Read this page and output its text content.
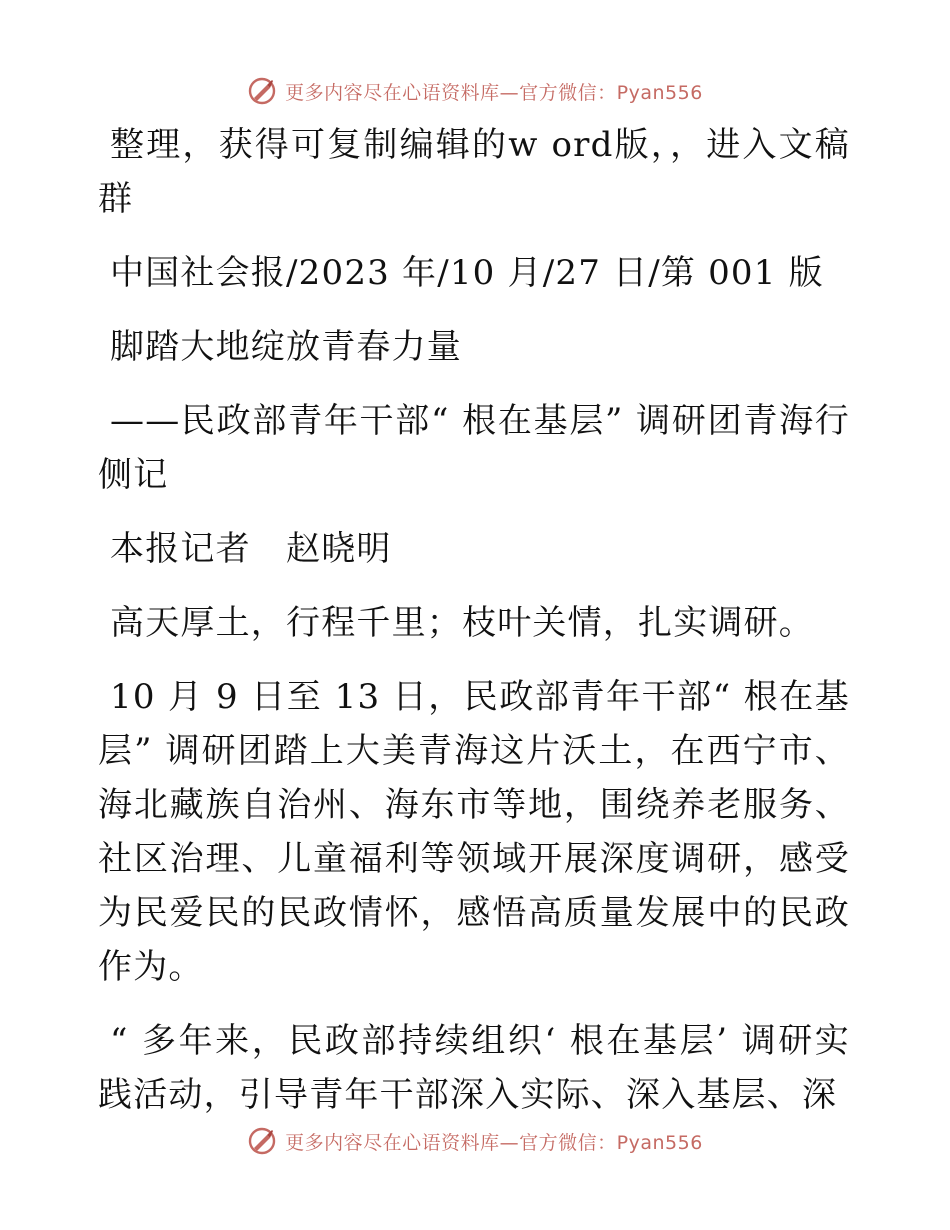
更多内容尽在心语资料库—官方微信：Pyan556

整理，获得可复制编辑的w ord版，，进入文稿群

中国社会报/2023 年/10 月/27 日/第 001 版

脚踏大地绽放青春力量

——民政部青年干部“ 根在基层” 调研团青海行侧记

本报记者　赵晓明

高天厚土，行程千里；枝叶关情，扎实调研。

10 月 9 日至 13 日，民政部青年干部“ 根在基层” 调研团踏上大美青海这片沃土，在西宁市、海北藏族自治州、海东市等地，围绕养老服务、社区治理、儿童福利等领域开展深度调研，感受为民爱民的民政情怀，感悟高质量发展中的民政作为。

“ 多年来，民政部持续组织‘ 根在基层’ 调研实践活动，引导青年干部深入实际、深入基层、深

更多内容尽在心语资料库—官方微信：Pyan556
